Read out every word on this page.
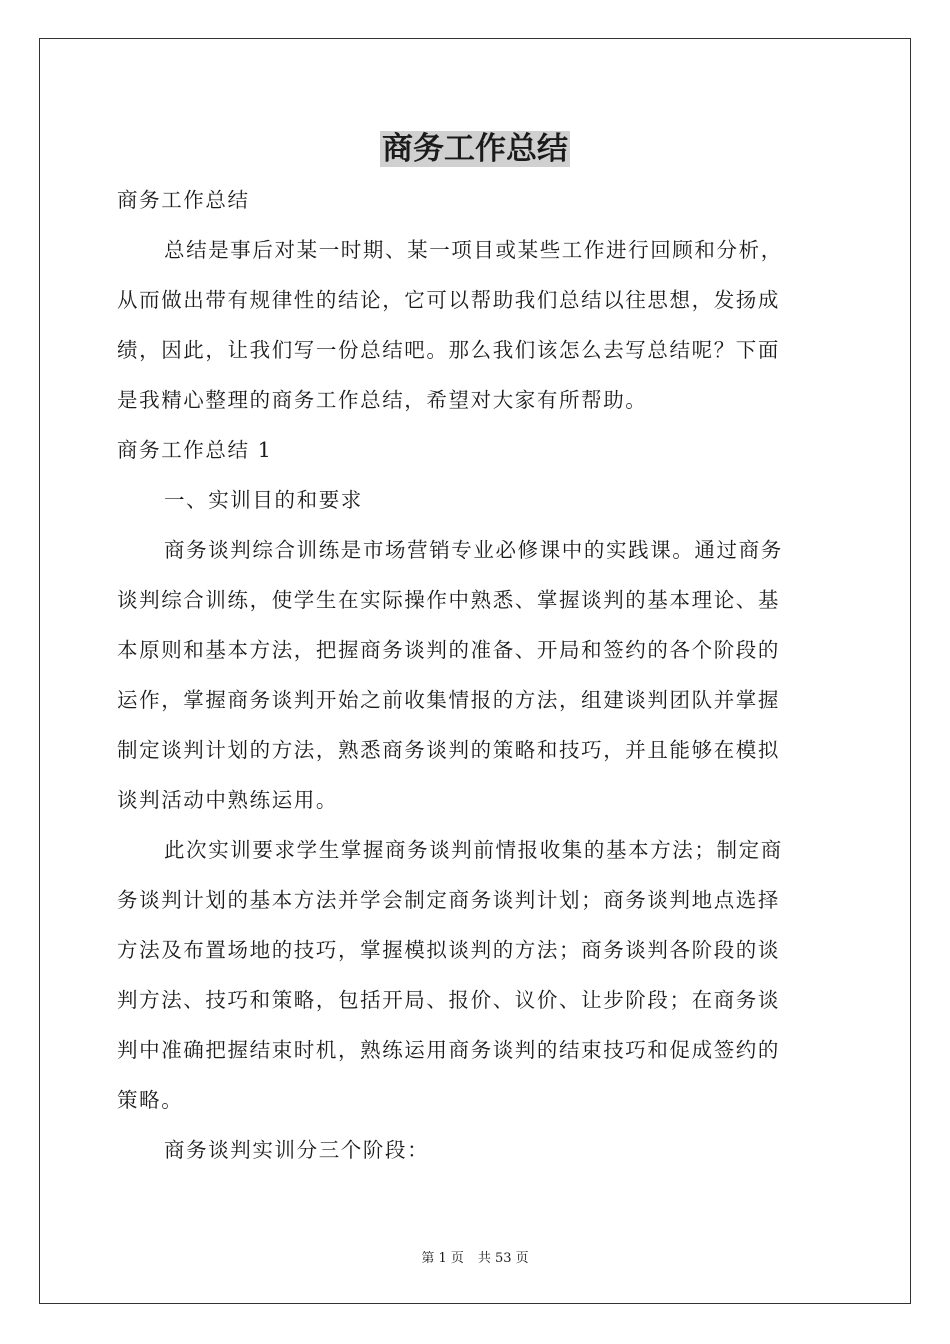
商务工作总结
商务工作总结
总结是事后对某一时期、某一项目或某些工作进行回顾和分析，
从而做出带有规律性的结论，它可以帮助我们总结以往思想，发扬成
绩，因此，让我们写一份总结吧。那么我们该怎么去写总结呢？下面
是我精心整理的商务工作总结，希望对大家有所帮助。
商务工作总结 1
一、实训目的和要求
商务谈判综合训练是市场营销专业必修课中的实践课。通过商务
谈判综合训练，使学生在实际操作中熟悉、掌握谈判的基本理论、基
本原则和基本方法，把握商务谈判的准备、开局和签约的各个阶段的
运作，掌握商务谈判开始之前收集情报的方法，组建谈判团队并掌握
制定谈判计划的方法，熟悉商务谈判的策略和技巧，并且能够在模拟
谈判活动中熟练运用。
此次实训要求学生掌握商务谈判前情报收集的基本方法；制定商
务谈判计划的基本方法并学会制定商务谈判计划；商务谈判地点选择
方法及布置场地的技巧，掌握模拟谈判的方法；商务谈判各阶段的谈
判方法、技巧和策略，包括开局、报价、议价、让步阶段；在商务谈
判中准确把握结束时机，熟练运用商务谈判的结束技巧和促成签约的
策略。
商务谈判实训分三个阶段：
第 1 页 共 53 页
